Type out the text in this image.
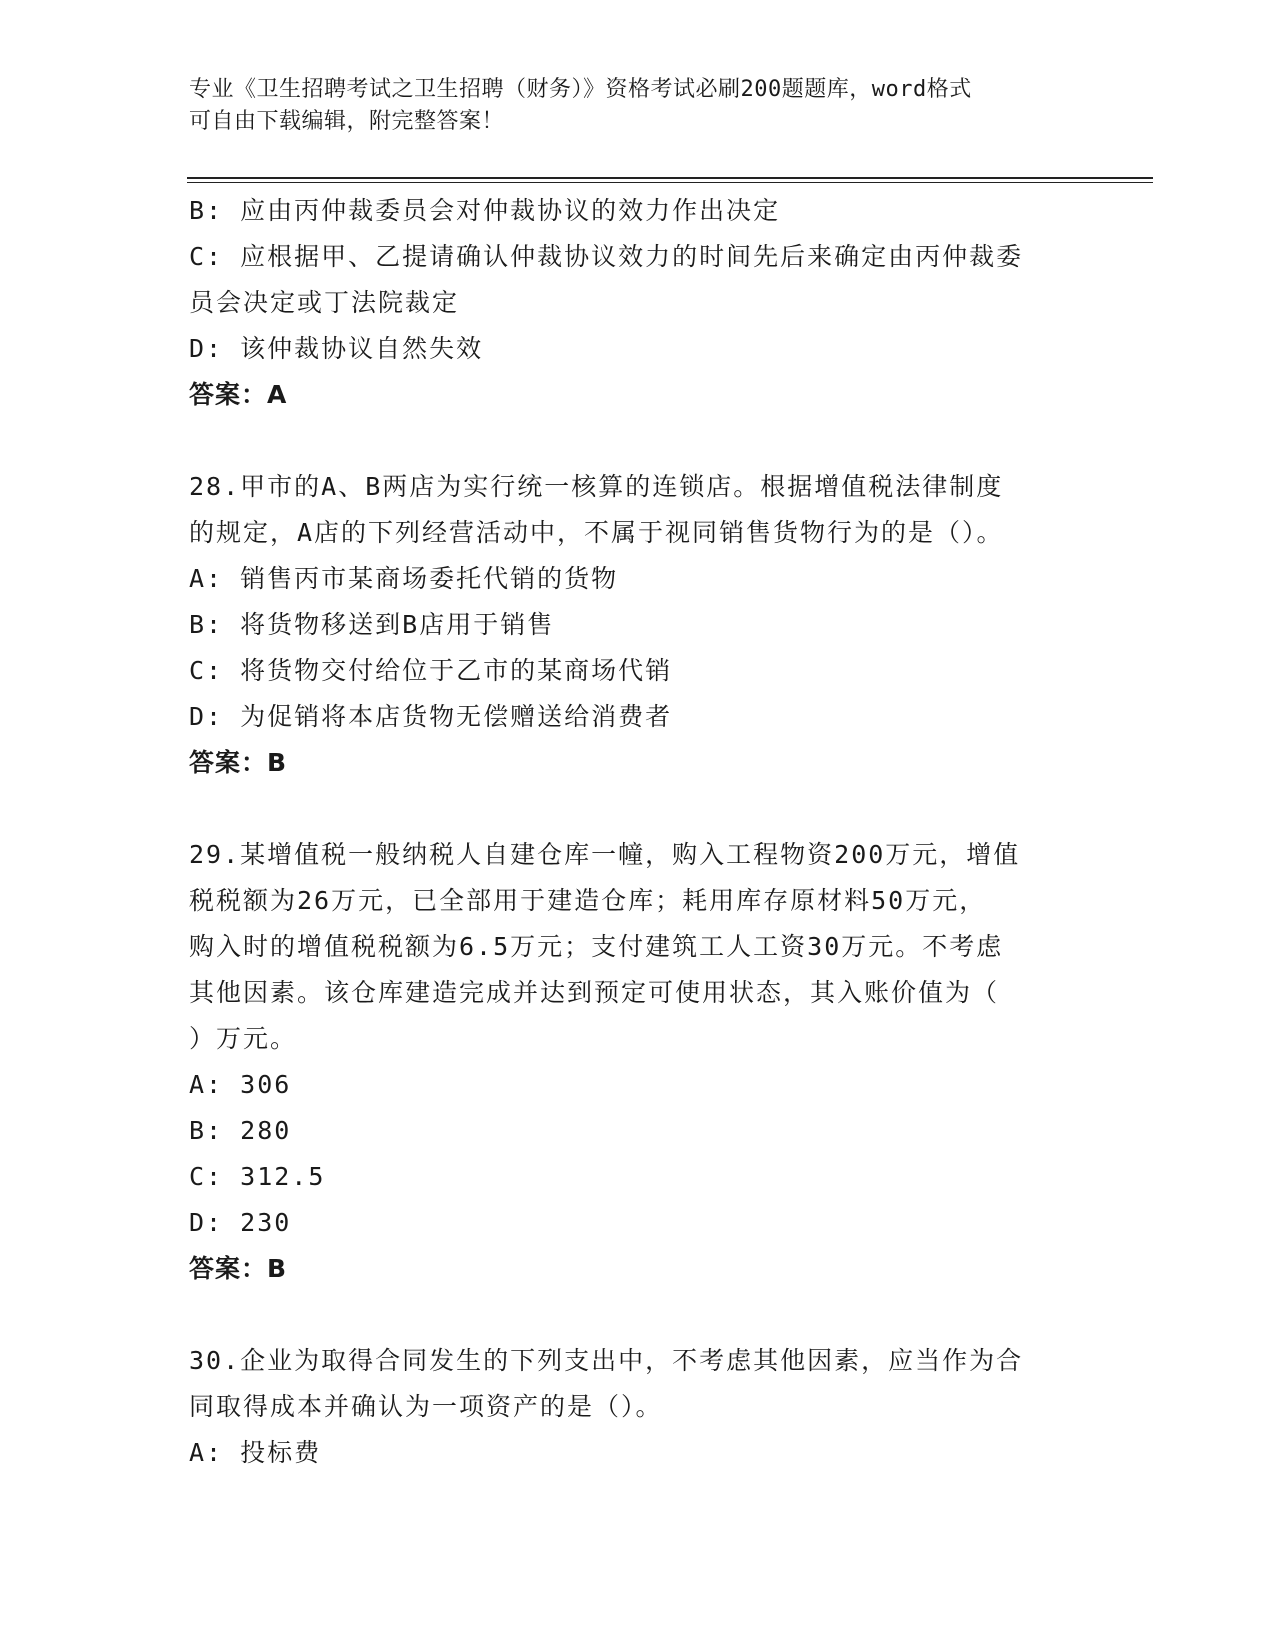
专业《卫生招聘考试之卫生招聘（财务）》资格考试必刷200题题库，word格式
可自由下载编辑，附完整答案！
B: 应由丙仲裁委员会对仲裁协议的效力作出决定
C: 应根据甲、乙提请确认仲裁协议效力的时间先后来确定由丙仲裁委
员会决定或丁法院裁定
D: 该仲裁协议自然失效
答案：A
28.甲市的A、B两店为实行统一核算的连锁店。根据增值税法律制度
的规定，A店的下列经营活动中，不属于视同销售货物行为的是（）。
A: 销售丙市某商场委托代销的货物
B: 将货物移送到B店用于销售
C: 将货物交付给位于乙市的某商场代销
D: 为促销将本店货物无偿赠送给消费者
答案：B
29.某增值税一般纳税人自建仓库一幢，购入工程物资200万元，增值
税税额为26万元，已全部用于建造仓库；耗用库存原材料50万元，
购入时的增值税税额为6.5万元；支付建筑工人工资30万元。不考虑
其他因素。该仓库建造完成并达到预定可使用状态，其入账价值为（
）万元。
A: 306
B: 280
C: 312.5
D: 230
答案：B
30.企业为取得合同发生的下列支出中，不考虑其他因素，应当作为合
同取得成本并确认为一项资产的是（）。
A: 投标费
